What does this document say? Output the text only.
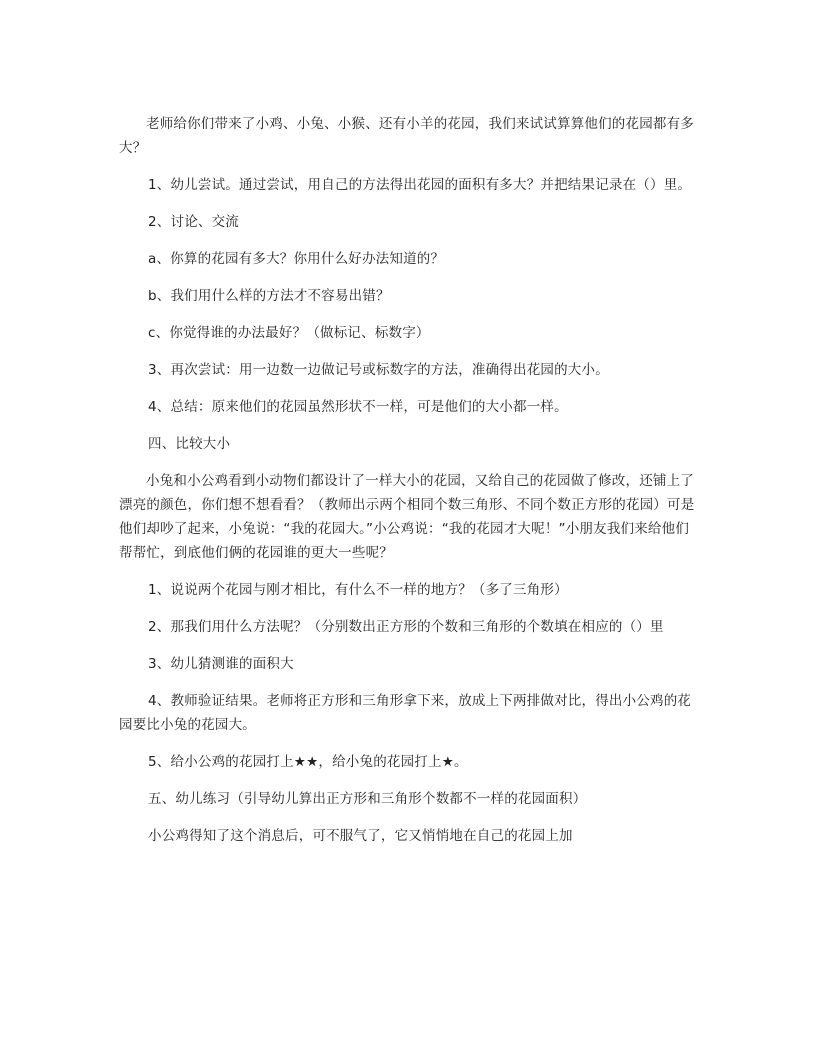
老师给你们带来了小鸡、小兔、小猴、还有小羊的花园，我们来试试算算他们的花园都有多大？

1、幼儿尝试。通过尝试，用自己的方法得出花园的面积有多大？并把结果记录在（）里。

2、讨论、交流

a、你算的花园有多大？你用什么好办法知道的？

b、我们用什么样的方法才不容易出错？

c、你觉得谁的办法最好？（做标记、标数字）

3、再次尝试：用一边数一边做记号或标数字的方法，准确得出花园的大小。

4、总结：原来他们的花园虽然形状不一样，可是他们的大小都一样。

四、比较大小

小兔和小公鸡看到小动物们都设计了一样大小的花园，又给自己的花园做了修改，还铺上了漂亮的颜色，你们想不想看看？（教师出示两个相同个数三角形、不同个数正方形的花园）可是他们却吵了起来，小兔说：“我的花园大。”小公鸡说：“我的花园才大呢！”小朋友我们来给他们帮帮忙，到底他们俩的花园谁的更大一些呢？

1、说说两个花园与刚才相比，有什么不一样的地方？（多了三角形）

2、那我们用什么方法呢？（分别数出正方形的个数和三角形的个数填在相应的（）里

3、幼儿猜测谁的面积大

4、教师验证结果。老师将正方形和三角形拿下来，放成上下两排做对比，得出小公鸡的花园要比小兔的花园大。

5、给小公鸡的花园打上★★，给小兔的花园打上★。

五、幼儿练习（引导幼儿算出正方形和三角形个数都不一样的花园面积）

小公鸡得知了这个消息后，可不服气了，它又悄悄地在自己的花园上加
